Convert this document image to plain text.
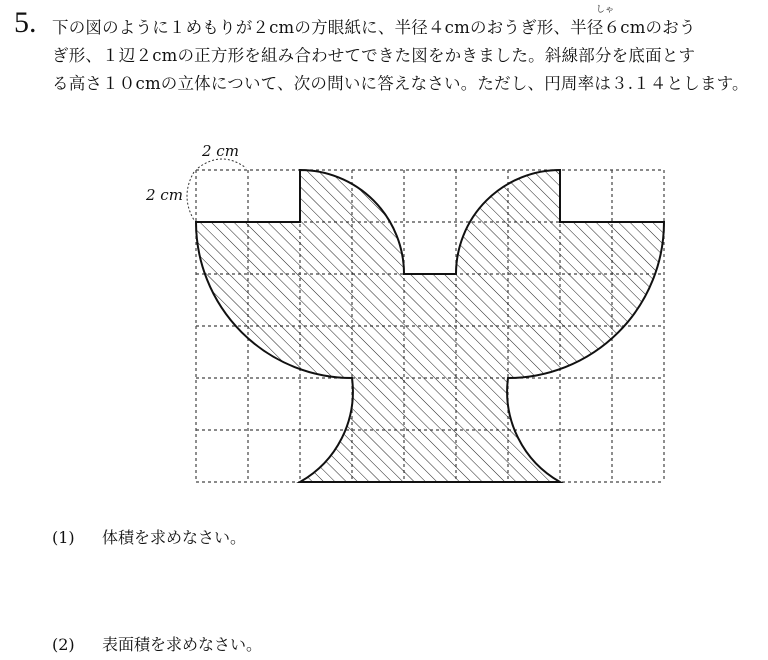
5.	しゃ
下の図のように１めもりが２cmの方眼紙に、半径４cmのおうぎ形、半径６cmのおう
ぎ形、１辺２cmの正方形を組み合わせてできた図をかきました。斜線部分を底面とす
る高さ１０cmの立体について、次の問いに答えなさい。ただし、円周率は３.１４とします。
2 cm
2 cm
(1) 体積を求めなさい。
(2) 表面積を求めなさい。
